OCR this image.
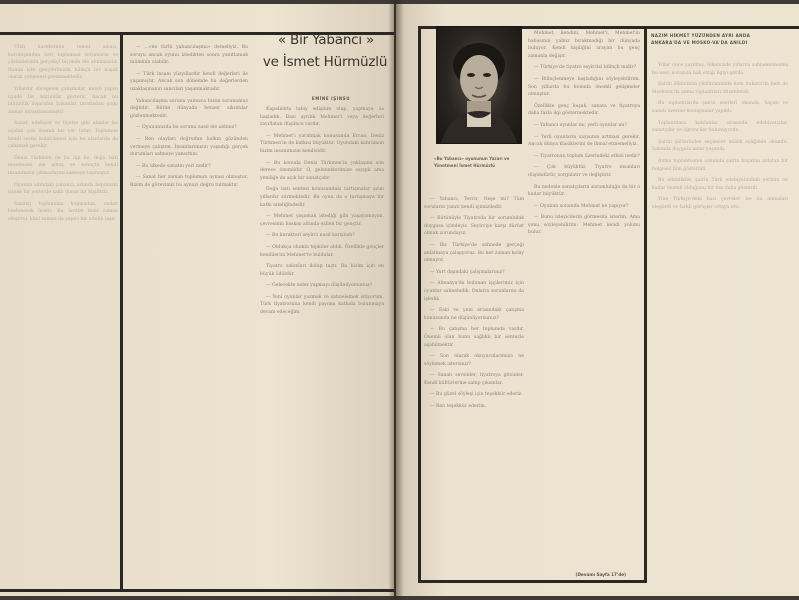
Ülkü hareketinin temel amacı, kuruluşundan beri toplumsal sorunların ve çözümlerinin gerçekçi biçimde ele alınmasıdır. Bunun için gençlerimizin bilinçli bir kuşak olarak yetişmesi gerekmektedir.

Yıllardır süregelen çalışmalar, kendi yapısı içinde bir bütünlük gösterir. Ancak bu bütünlük dışarıdan bakanlar tarafından çoğu zaman anlaşılamamıştır.

Sanat, edebiyat ve tiyatro gibi alanlar bu açıdan çok önemli bir yer tutar. Toplumun kendi sesini bulabilmesi için bu alanlarda da çalışmak gerekir.

Deniz Türkmen de bu ilgi ile, doğu batı meselesini ele almış ve sonuçta kendi insanımızın çıkmazlarını sahneye taşımıştır.

Oyunun adındaki yabancı, aslında hepimizin içinde bir yerlerde saklı duran bir kişiliktir.

Sanatçı toplumdan kopmadan, ondan beslenerek üretir. Bu üretim kimi zaman eleştirel, kimi zaman da yapıcı bir nitelik taşır.

— ...«ne türlü yabancılaşma» demeliyiz. Bu soruyu ancak oyunu izledikten sonra yanıtlamak mümkün olabilir.

— Türk insanı yüzyıllardır kendi değerleri ile yaşamıştır. Ancak son dönemde bu değerlerden uzaklaşmanın sancıları yaşanmaktadır.

Yabancılaşma sorunu yalnızca bizim sorunumuz değildir. Bütün dünyada benzer sıkıntılar gözlenmektedir.

— Oyununuzda bu sorunu nasıl ele aldınız?

— Ben olayları doğrudan halkın gözünden vermeye çalıştım. İnsanlarımızın yaşadığı gerçek durumları sahneye yansıttım.

— Bu ülkede sanatın yeri nedir?

— Sanat her zaman toplumun aynası olmuştur. Bizim de görevimiz bu aynayı doğru tutmaktır.

« Bir Yabancı »
ve İsmet Hürmüzlü
EMİNE IŞINSU

Kapalılıkta tabiy edişinin olup, yapmaya üs başladık. Bazı ayrılık Mehmet'i veya değerleri zayıflatan düşünce vardır.

— Mehmet'i yaratmak konusunda Ercan, Deniz Türkmen'in de katkısı büyüktür. Oyundaki kahraman bizim insanımızın kendisidir.

— Bu konuda Deniz Türkmen'in yaklaşımı son derece önemlidir. O, geleneklerimize saygılı ama yeniliğe de açık bir sanatçıdır.

Doğu batı sentezi konusundaki tartışmalar uzun yıllardır sürmektedir. Bu oyun da o tartışmaya bir katkı niteliğindedir.

— Mehmet yaşamak istediği gibi yaşayamayan, çevresinin baskısı altında ezilen bir gençtir.

— Bu karakteri seyirci nasıl karşıladı?

— Oldukça olumlu tepkiler aldık. Özellikle gençler kendilerini Mehmet'te buldular.

Tiyatro salonları dolup taştı. Bu bizim için en büyük ödüldür.

— Gelecekte neler yapmayı düşünüyorsunuz?

— Yeni oyunlar yazmak ve sahnelemek istiyorum. Türk tiyatrosuna kendi payıma katkıda bulunmaya devam edeceğim.

«Bu Yabancı» oyununun Yazarı ve Yönetmeni İsmet Hürmüzlü

Mehmet, kendini, Mehmet'i, Mehmet'in babasının yalnız bırakmadığı bir dünyada buluyor. Kendi kişiliğini arayan bu genç zamanla değişir.

— Türkiye'de tiyatro seyircisi bilinçli midir?

— Bilinçlenmeye başladığını söyleyebilirim. Son yıllarda bu konuda önemli gelişmeler olmuştur.

Özellikle genç kuşak, sanata ve tiyatroya daha fazla ilgi göstermektedir.

— Yabancı oyunlar mı, yerli oyunlar mı?

— Yerli oyunların sayısının artması gerekir. Ancak dünya klasiklerini de ihmal etmemeliyiz.

— Tiyatronun toplum üzerindeki etkisi nedir?

— Çok büyüktür. Tiyatro insanları düşündürür, sorgulatır ve değiştirir.

Bu nedenle sanatçıların sorumluluğu da bir o kadar büyüktür.

— Oyunun sonunda Mehmet ne yapıyor?

— Bunu izleyicilerin görmesini isterim. Ama şunu söyleyebilirim: Mehmet kendi yolunu bulur.

— Yabancı, Tercir, Neşe mi? Tüm soruların yanıtı kendi içimizdedir.

— Bütünüyle Tiyatroda bir sorumluluk duygusu içindeyiz. Seyirciye karşı dürüst olmak zorundayız.

— Biz Türkiye'de sahnede gerçeği anlatmaya çalışıyoruz. Bu her zaman kolay olmuyor.

— Yurt dışındaki çalışmalarınız?

— Almanya'da bulunan işçilerimiz için oyunlar sahneledik. Onların sorunlarını da işledik.

— Eski ve yeni arasındaki çatışma konusunda ne düşünüyorsunuz?

— Bu çatışma her toplumda vardır. Önemli olan bunu sağlıklı bir sentezle aşabilmektir.

— Son olarak okuyucularımıza ne söylemek istersiniz?

— Sanatı sevsinler, tiyatroya gitsinler. Kendi kültürlerine sahip çıksınlar.

— Bu güzel söyleşi için teşekkür ederiz.

— Ben teşekkür ederim.

(Devamı Sayfa 17'de)
NAZIM HİKMET YÜZÜNDEN AYRI ANDA ANKARA'DA VE MOSKO-VA'DA ANILDI

Yıllar önce yazılmış, ülkemizde yıllarca sahnelenmemiş bu eser, sonunda hak ettiği ilgiyi gördü.

Şairin ölümünün yıldönümünde hem Ankara'da hem de Moskova'da anma toplantıları düzenlendi.

Bu toplantılarda şairin eserleri okundu, hayatı ve sanatı üzerine konuşmalar yapıldı.

Toplantılara katılanlar arasında edebiyatçılar, sanatçılar ve öğrenciler bulunuyordu.

Şairin şiirlerinden seçmeler müzik eşliğinde okundu. Salonda duygulu anlar yaşandı.

Anma toplantısının sonunda şairin hayatını anlatan bir belgesel film gösterildi.

Bu etkinlikler, şairin Türk edebiyatındaki yerinin ne kadar önemli olduğunu bir kez daha gösterdi.

Yine Türkiye'deki bazı çevreler ise bu anmaları eleştirdi ve farklı görüşler ortaya attı.
